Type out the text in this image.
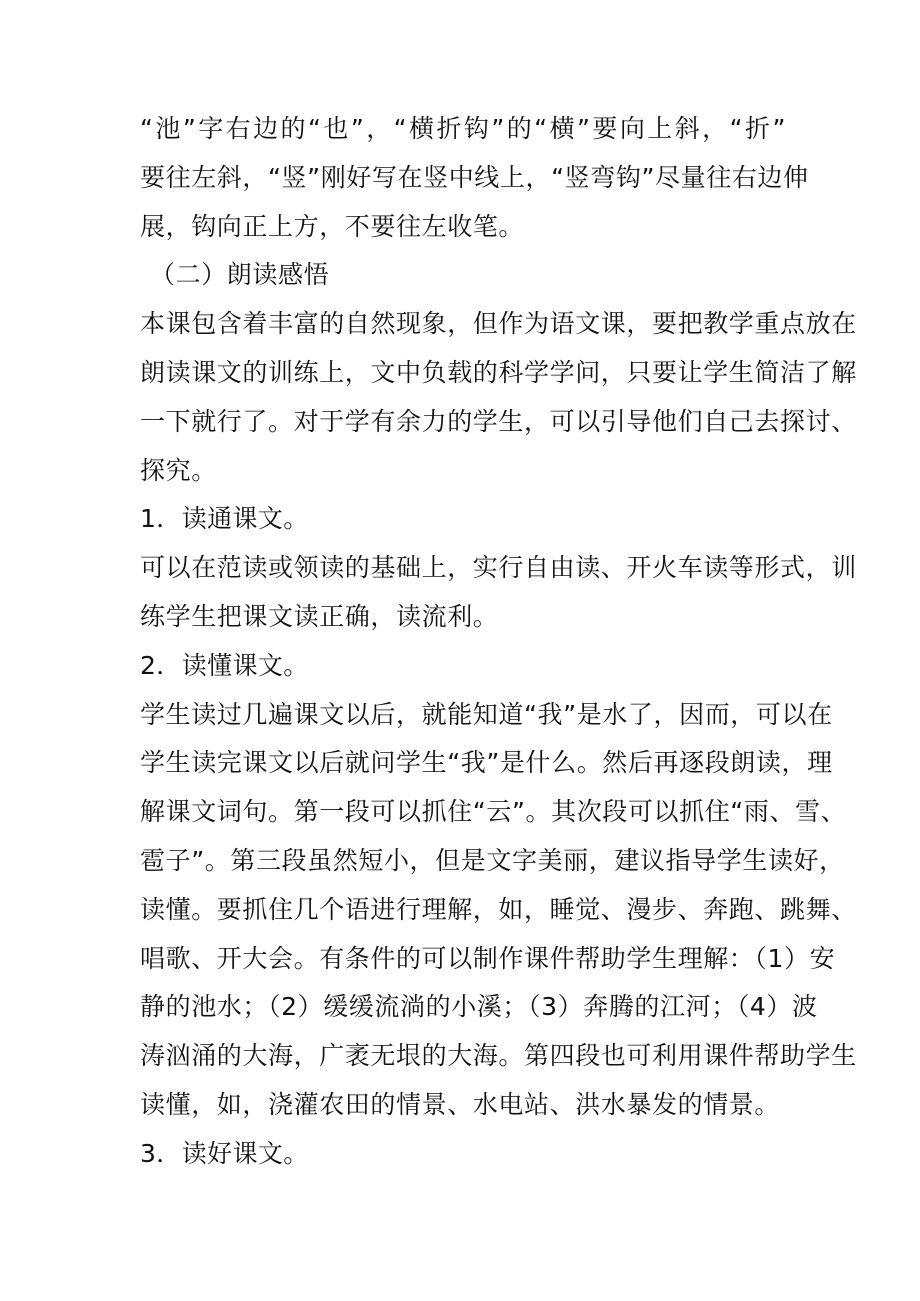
“池”字右边的“也”，“横折钩”的“横”要向上斜，“折”
要往左斜，“竖”刚好写在竖中线上，“竖弯钩”尽量往右边伸
展，钩向正上方，不要往左收笔。
（二）朗读感悟
本课包含着丰富的自然现象，但作为语文课，要把教学重点放在
朗读课文的训练上，文中负载的科学学问，只要让学生简洁了解
一下就行了。对于学有余力的学生，可以引导他们自己去探讨、
探究。
1．读通课文。
可以在范读或领读的基础上，实行自由读、开火车读等形式，训
练学生把课文读正确，读流利。
2．读懂课文。
学生读过几遍课文以后，就能知道“我”是水了，因而，可以在
学生读完课文以后就问学生“我”是什么。然后再逐段朗读，理
解课文词句。第一段可以抓住“云”。其次段可以抓住“雨、雪、
雹子”。第三段虽然短小，但是文字美丽，建议指导学生读好，
读懂。要抓住几个语进行理解，如，睡觉、漫步、奔跑、跳舞、
唱歌、开大会。有条件的可以制作课件帮助学生理解：（1）安
静的池水；（2）缓缓流淌的小溪；（3）奔腾的江河；（4）波
涛汹涌的大海，广袤无垠的大海。第四段也可利用课件帮助学生
读懂，如，浇灌农田的情景、水电站、洪水暴发的情景。
3．读好课文。
